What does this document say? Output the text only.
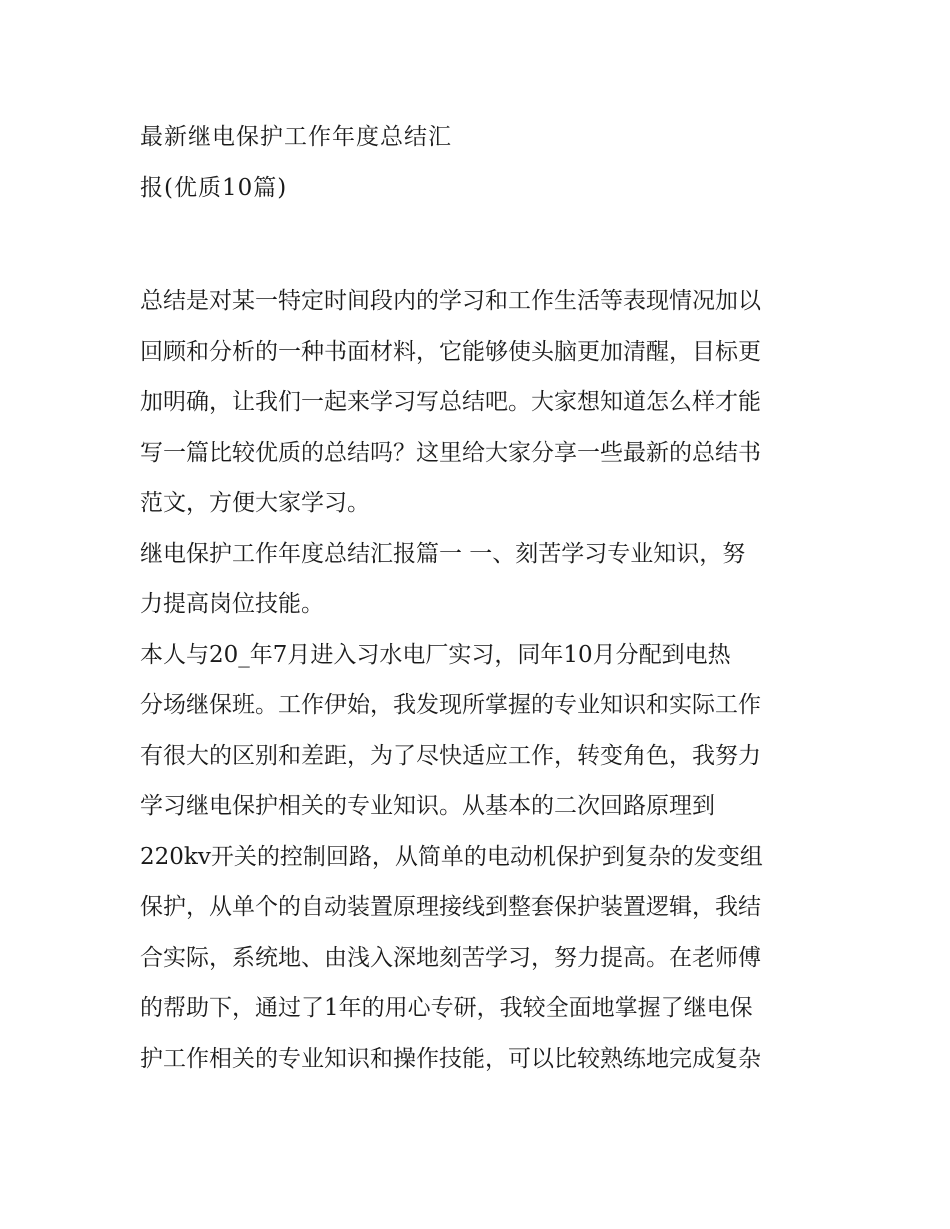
最新继电保护工作年度总结汇
报(优质10篇)
总结是对某一特定时间段内的学习和工作生活等表现情况加以
回顾和分析的一种书面材料，它能够使头脑更加清醒，目标更
加明确，让我们一起来学习写总结吧。大家想知道怎么样才能
写一篇比较优质的总结吗？这里给大家分享一些最新的总结书
范文，方便大家学习。
继电保护工作年度总结汇报篇一 一、刻苦学习专业知识，努
力提高岗位技能。
本人与20_年7月进入习水电厂实习，同年10月分配到电热
分场继保班。工作伊始，我发现所掌握的专业知识和实际工作
有很大的区别和差距，为了尽快适应工作，转变角色，我努力
学习继电保护相关的专业知识。从基本的二次回路原理到
220kv开关的控制回路，从简单的电动机保护到复杂的发变组
保护，从单个的自动装置原理接线到整套保护装置逻辑，我结
合实际，系统地、由浅入深地刻苦学习，努力提高。在老师傅
的帮助下，通过了1年的用心专研，我较全面地掌握了继电保
护工作相关的专业知识和操作技能，可以比较熟练地完成复杂
